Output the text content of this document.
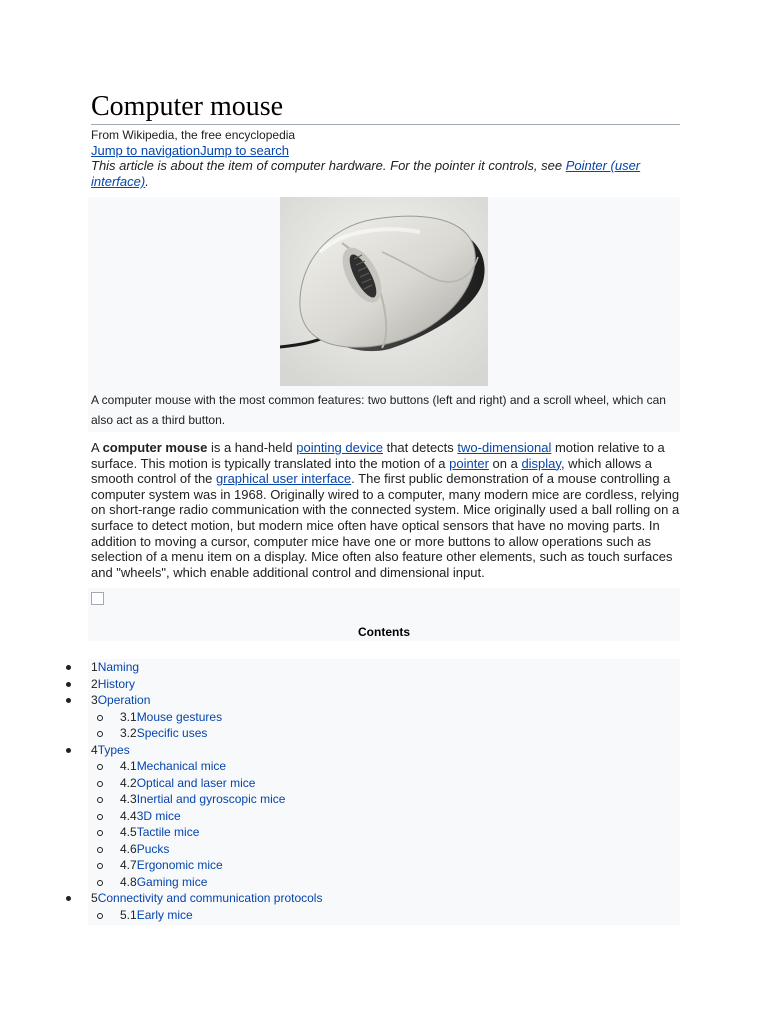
Computer mouse
From Wikipedia, the free encyclopedia
Jump to navigationJump to search
This article is about the item of computer hardware. For the pointer it controls, see Pointer (user interface).
A computer mouse with the most common features: two buttons (left and right) and a scroll wheel, which can also act as a third button.
A computer mouse is a hand-held pointing device that detects two-dimensional motion relative to a surface. This motion is typically translated into the motion of a pointer on a display, which allows a smooth control of the graphical user interface. The first public demonstration of a mouse controlling a computer system was in 1968. Originally wired to a computer, many modern mice are cordless, relying on short-range radio communication with the connected system. Mice originally used a ball rolling on a surface to detect motion, but modern mice often have optical sensors that have no moving parts. In addition to moving a cursor, computer mice have one or more buttons to allow operations such as selection of a menu item on a display. Mice often also feature other elements, such as touch surfaces and "wheels", which enable additional control and dimensional input.
Contents
1Naming
2History
3Operation
3.1Mouse gestures
3.2Specific uses
4Types
4.1Mechanical mice
4.2Optical and laser mice
4.3Inertial and gyroscopic mice
4.43D mice
4.5Tactile mice
4.6Pucks
4.7Ergonomic mice
4.8Gaming mice
5Connectivity and communication protocols
5.1Early mice
